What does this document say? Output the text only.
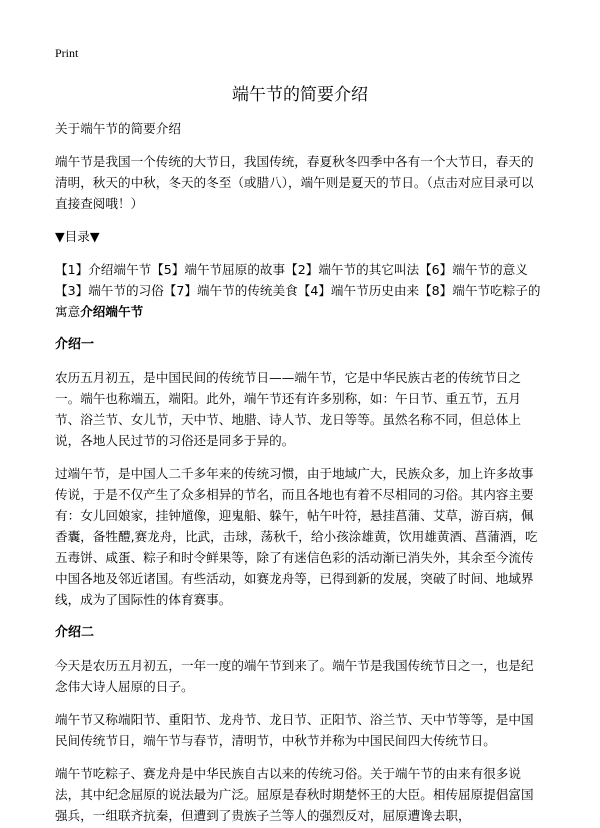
Print
端午节的简要介绍

关于端午节的简要介绍

端午节是我国一个传统的大节日，我国传统，春夏秋冬四季中各有一个大节日，春天的清明，秋天的中秋，冬天的冬至（或腊八），端午则是夏天的节日。（点击对应目录可以直接查阅哦！）

▼目录▼

【1】介绍端午节【5】端午节屈原的故事【2】端午节的其它叫法【6】端午节的意义【3】端午节的习俗【7】端午节的传统美食【4】端午节历史由来【8】端午节吃粽子的寓意介绍端午节

介绍一

农历五月初五，是中国民间的传统节日——端午节，它是中华民族古老的传统节日之一。端午也称端五，端阳。此外，端午节还有许多别称，如：午日节、重五节，五月节、浴兰节、女儿节，天中节、地腊、诗人节、龙日等等。虽然名称不同，但总体上说，各地人民过节的习俗还是同多于异的。

过端午节，是中国人二千多年来的传统习惯，由于地域广大，民族众多，加上许多故事传说，于是不仅产生了众多相异的节名，而且各地也有着不尽相同的习俗。其内容主要有：女儿回娘家，挂钟馗像，迎鬼船、躲午，帖午叶符，悬挂菖蒲、艾草，游百病，佩香囊，备牲醴,赛龙舟，比武，击球，荡秋千，给小孩涂雄黄，饮用雄黄酒、菖蒲酒，吃五毒饼、咸蛋、粽子和时令鲜果等，除了有迷信色彩的活动渐已消失外，其余至今流传中国各地及邻近诸国。有些活动，如赛龙舟等，已得到新的发展，突破了时间、地域界线，成为了国际性的体育赛事。

介绍二

今天是农历五月初五，一年一度的端午节到来了。端午节是我国传统节日之一，也是纪念伟大诗人屈原的日子。

端午节又称端阳节、重阳节、龙舟节、龙日节、正阳节、浴兰节、天中节等等，是中国民间传统节日，端午节与春节，清明节，中秋节并称为中国民间四大传统节日。

端午节吃粽子、赛龙舟是中华民族自古以来的传统习俗。关于端午节的由来有很多说法，其中纪念屈原的说法最为广泛。屈原是春秋时期楚怀王的大臣。相传屈原提倡富国强兵，一组联齐抗秦，但遭到了贵族子兰等人的强烈反对，屈原遭谗去职，
